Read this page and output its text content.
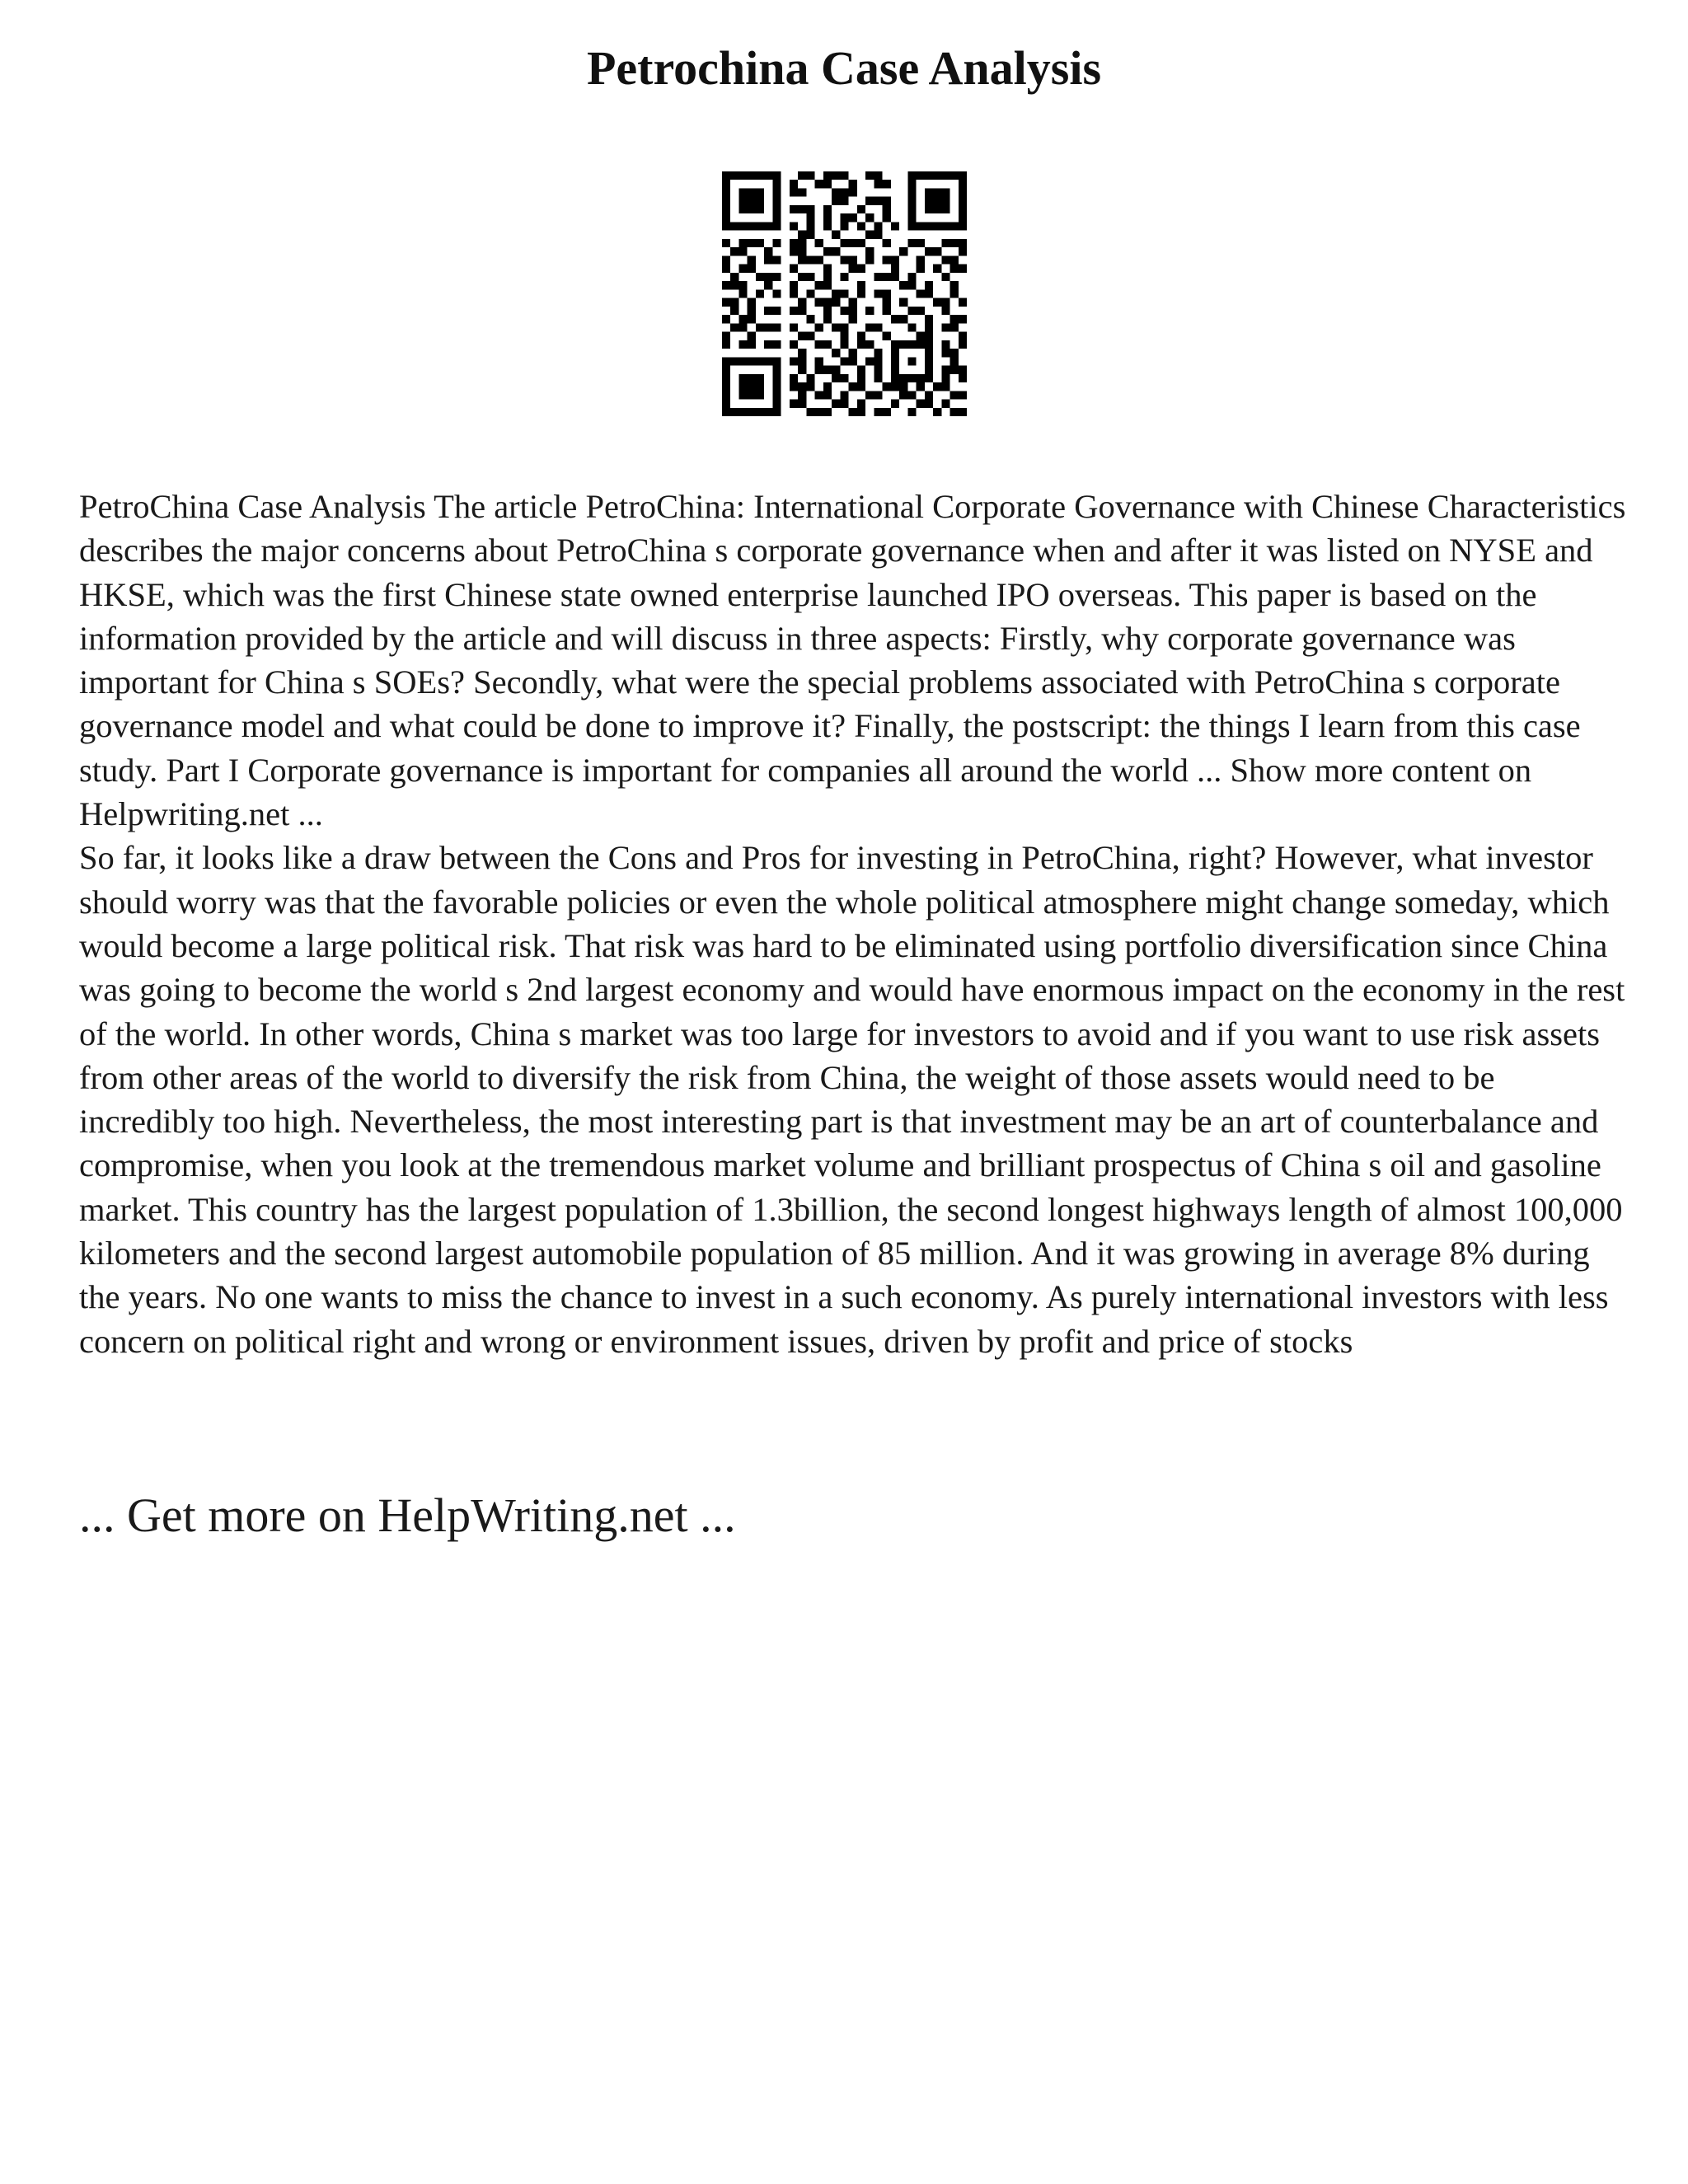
Petrochina Case Analysis

PetroChina Case Analysis The article PetroChina: International Corporate Governance with Chinese Characteristics describes the major concerns about PetroChina s corporate governance when and after it was listed on NYSE and HKSE, which was the first Chinese state owned enterprise launched IPO overseas. This paper is based on the information provided by the article and will discuss in three aspects: Firstly, why corporate governance was important for China s SOEs? Secondly, what were the special problems associated with PetroChina s corporate governance model and what could be done to improve it? Finally, the postscript: the things I learn from this case study. Part I Corporate governance is important for companies all around the world ... Show more content on Helpwriting.net ...

So far, it looks like a draw between the Cons and Pros for investing in PetroChina, right? However, what investor should worry was that the favorable policies or even the whole political atmosphere might change someday, which would become a large political risk. That risk was hard to be eliminated using portfolio diversification since China was going to become the world s 2nd largest economy and would have enormous impact on the economy in the rest of the world. In other words, China s market was too large for investors to avoid and if you want to use risk assets from other areas of the world to diversify the risk from China, the weight of those assets would need to be incredibly too high. Nevertheless, the most interesting part is that investment may be an art of counterbalance and compromise, when you look at the tremendous market volume and brilliant prospectus of China s oil and gasoline market. This country has the largest population of 1.3billion, the second longest highways length of almost 100,000 kilometers and the second largest automobile population of 85 million. And it was growing in average 8% during the years. No one wants to miss the chance to invest in a such economy. As purely international investors with less concern on political right and wrong or environment issues, driven by profit and price of stocks

... Get more on HelpWriting.net ...
